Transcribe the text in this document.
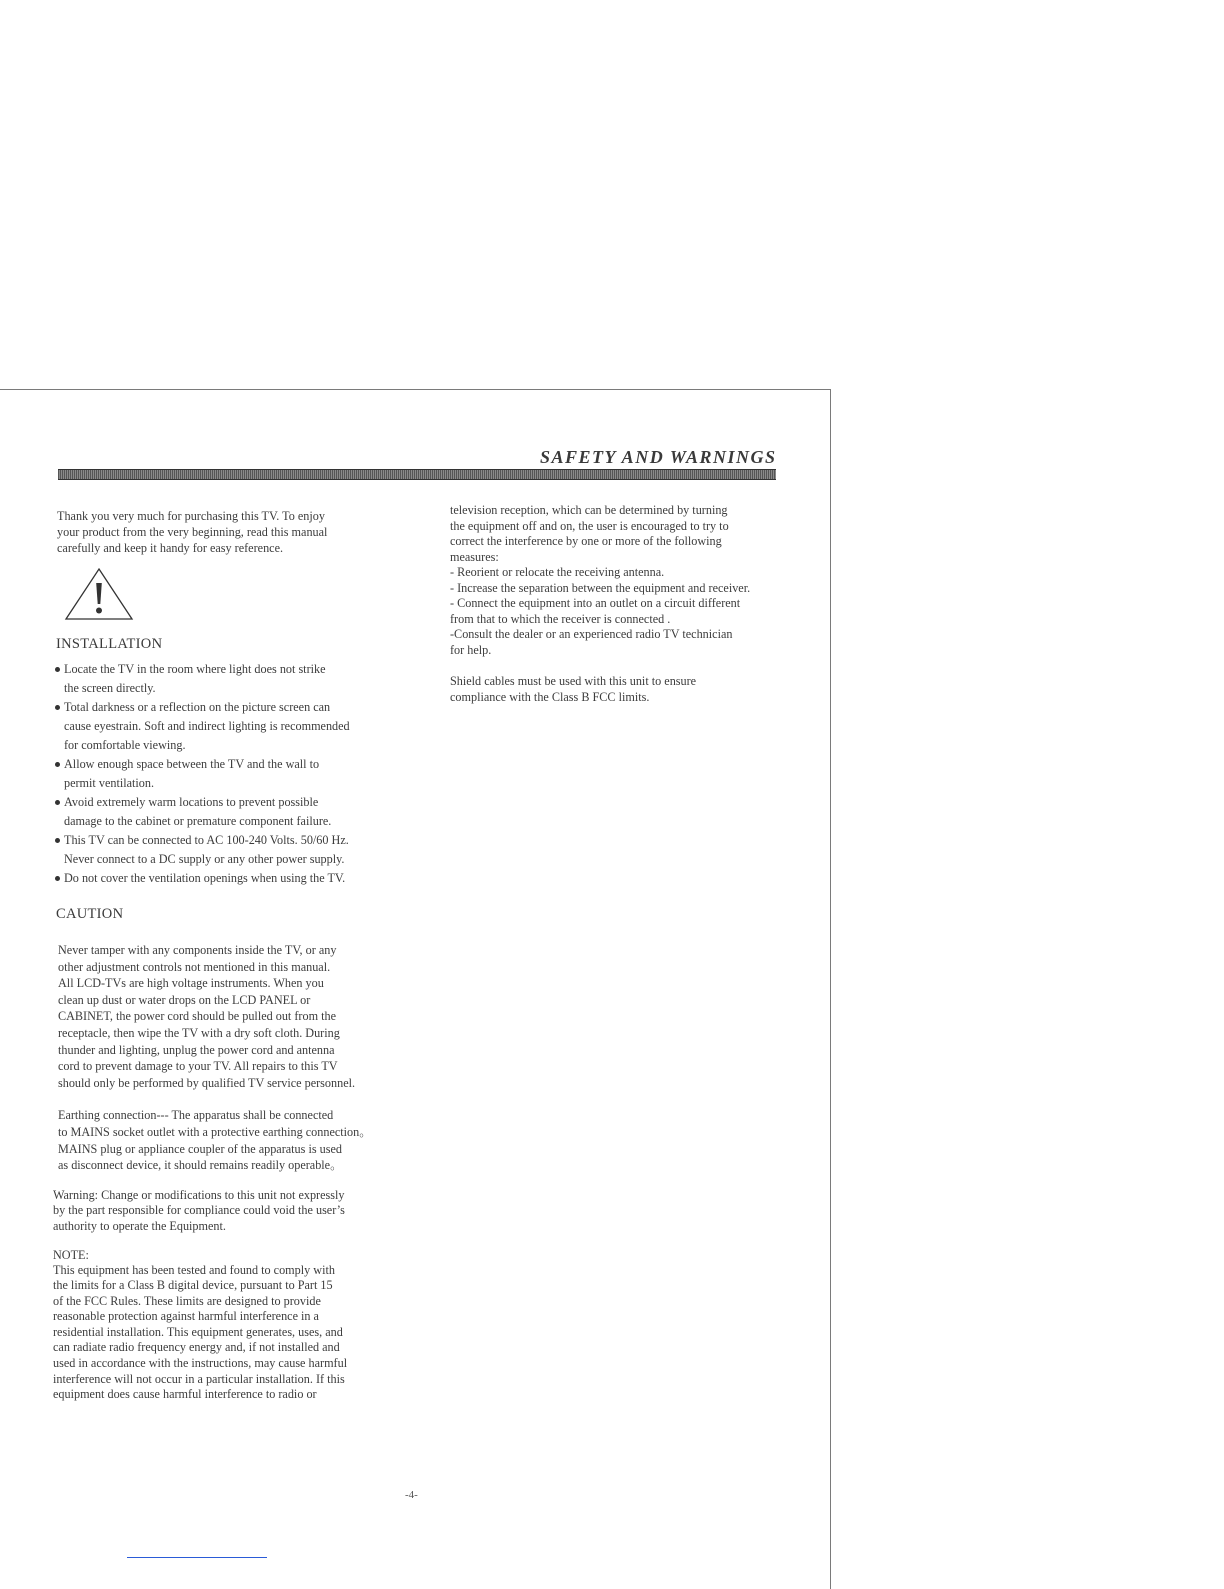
SAFETY AND WARNINGS

Thank you very much for purchasing this TV. To enjoy
your product from the very beginning, read this manual
carefully and keep it handy for easy reference.

INSTALLATION
Locate the TV in the room where light does not strike
the screen directly.
Total darkness or a reflection on the picture screen can
cause eyestrain. Soft and indirect lighting is recommended
for comfortable viewing.
Allow enough space between the TV and the wall to
permit ventilation.
Avoid extremely warm locations to prevent possible
damage to the cabinet or premature component failure.
This TV can be connected to AC 100-240 Volts. 50/60 Hz.
Never connect to a DC supply or any other power supply.
Do not cover the ventilation openings when using the TV.
CAUTION

Never tamper with any components inside the TV, or any
other adjustment controls not mentioned in this manual.
All LCD-TVs are high voltage instruments. When you
clean up dust or water drops on the LCD PANEL or
CABINET, the power cord should be pulled out from the
receptacle, then wipe the TV with a dry soft cloth. During
thunder and lighting, unplug the power cord and antenna
cord to prevent damage to your TV. All repairs to this TV
should only be performed by qualified TV service personnel.

Earthing connection--- The apparatus shall be connected
to MAINS socket outlet with a protective earthing connection。
MAINS plug or appliance coupler of the apparatus is used
as disconnect device, it should remains readily operable。

Warning: Change or modifications to this unit not expressly
by the part responsible for compliance could void the user’s
authority to operate the Equipment.

NOTE:

This equipment has been tested and found to comply with
the limits for a Class B digital device, pursuant to Part 15
of the FCC Rules. These limits are designed to provide
reasonable protection against harmful interference in a
residential installation. This equipment generates, uses, and
can radiate radio frequency energy and, if not installed and
used in accordance with the instructions, may cause harmful
interference will not occur in a particular installation. If this
equipment does cause harmful interference to radio or

television reception, which can be determined by turning
the equipment off and on, the user is encouraged to try to
correct the interference by one or more of the following
measures:

- Reorient or relocate the receiving antenna.
- Increase the separation between the equipment and receiver.
- Connect the equipment into an outlet on a circuit different
from that to which the receiver is connected .
-Consult the dealer or an experienced radio TV technician
for help.

Shield cables must be used with this unit to ensure
compliance with the Class B FCC limits.

-4-
